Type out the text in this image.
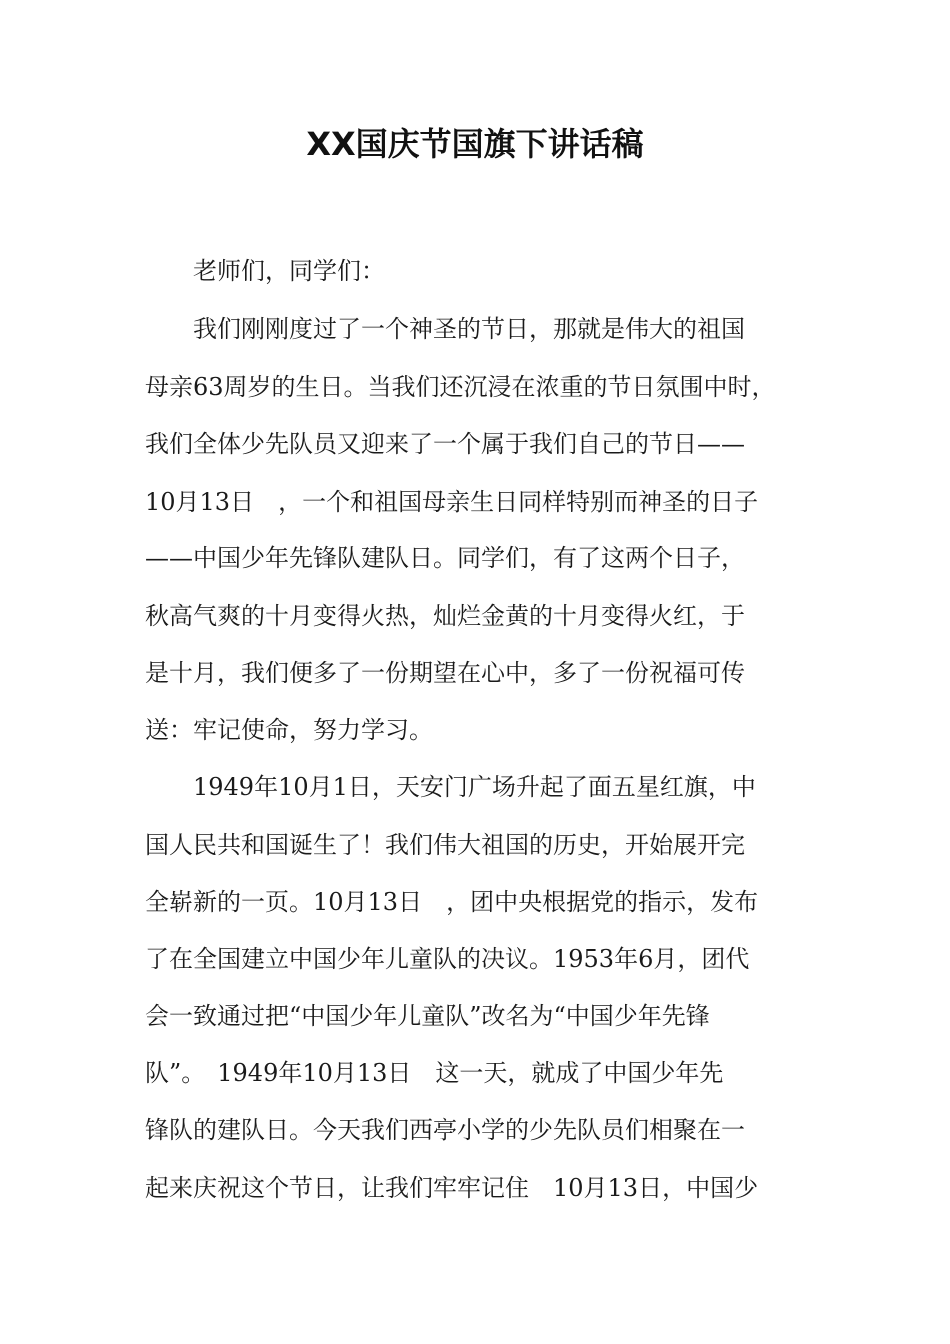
XX国庆节国旗下讲话稿
　　老师们，同学们：
　　我们刚刚度过了一个神圣的节日，那就是伟大的祖国
母亲63周岁的生日。当我们还沉浸在浓重的节日氛围中时，
我们全体少先队员又迎来了一个属于我们自己的节日——
10月13日　，一个和祖国母亲生日同样特别而神圣的日子
——中国少年先锋队建队日。同学们，有了这两个日子，
秋高气爽的十月变得火热，灿烂金黄的十月变得火红，于
是十月，我们便多了一份期望在心中，多了一份祝福可传
送：牢记使命，努力学习。
　　1949年10月1日，天安门广场升起了面五星红旗，中
国人民共和国诞生了！我们伟大祖国的历史，开始展开完
全崭新的一页。10月13日　，团中央根据党的指示，发布
了在全国建立中国少年儿童队的决议。1953年6月，团代
会一致通过把“中国少年儿童队”改名为“中国少年先锋
队”。　1949年10月13日　这一天，就成了中国少年先
锋队的建队日。今天我们西亭小学的少先队员们相聚在一
起来庆祝这个节日，让我们牢牢记住　10月13日，中国少
